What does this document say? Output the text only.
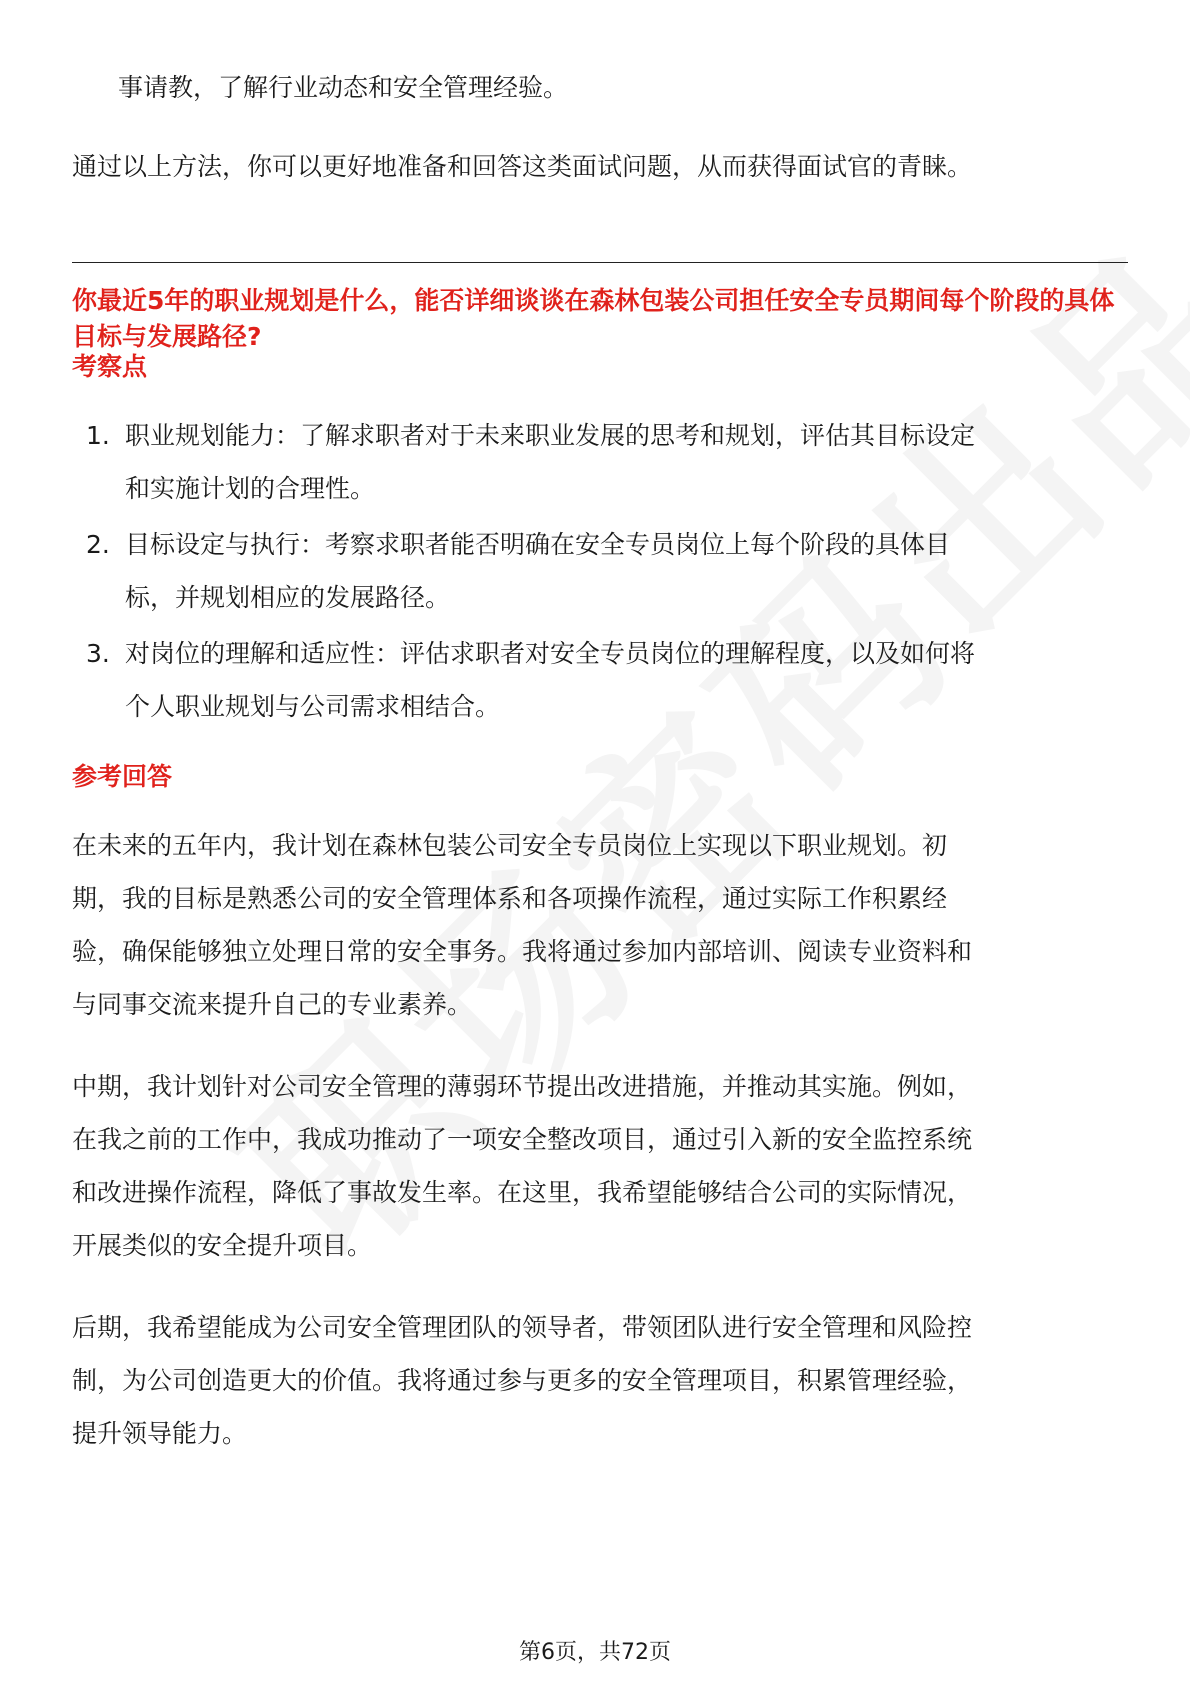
事请教，了解行业动态和安全管理经验。
通过以上方法，你可以更好地准备和回答这类面试问题，从而获得面试官的青睐。
你最近5年的职业规划是什么，能否详细谈谈在森林包装公司担任安全专员期间每个阶段的具体目标与发展路径?
考察点
1. 职业规划能力：了解求职者对于未来职业发展的思考和规划，评估其目标设定
和实施计划的合理性。
2. 目标设定与执行：考察求职者能否明确在安全专员岗位上每个阶段的具体目
标，并规划相应的发展路径。
3. 对岗位的理解和适应性：评估求职者对安全专员岗位的理解程度，以及如何将
个人职业规划与公司需求相结合。
参考回答
在未来的五年内，我计划在森林包装公司安全专员岗位上实现以下职业规划。初
期，我的目标是熟悉公司的安全管理体系和各项操作流程，通过实际工作积累经
验，确保能够独立处理日常的安全事务。我将通过参加内部培训、阅读专业资料和
与同事交流来提升自己的专业素养。
中期，我计划针对公司安全管理的薄弱环节提出改进措施，并推动其实施。例如，
在我之前的工作中，我成功推动了一项安全整改项目，通过引入新的安全监控系统
和改进操作流程，降低了事故发生率。在这里，我希望能够结合公司的实际情况，
开展类似的安全提升项目。
后期，我希望能成为公司安全管理团队的领导者，带领团队进行安全管理和风险控
制，为公司创造更大的价值。我将通过参与更多的安全管理项目，积累管理经验，
提升领导能力。
第6页，共72页
